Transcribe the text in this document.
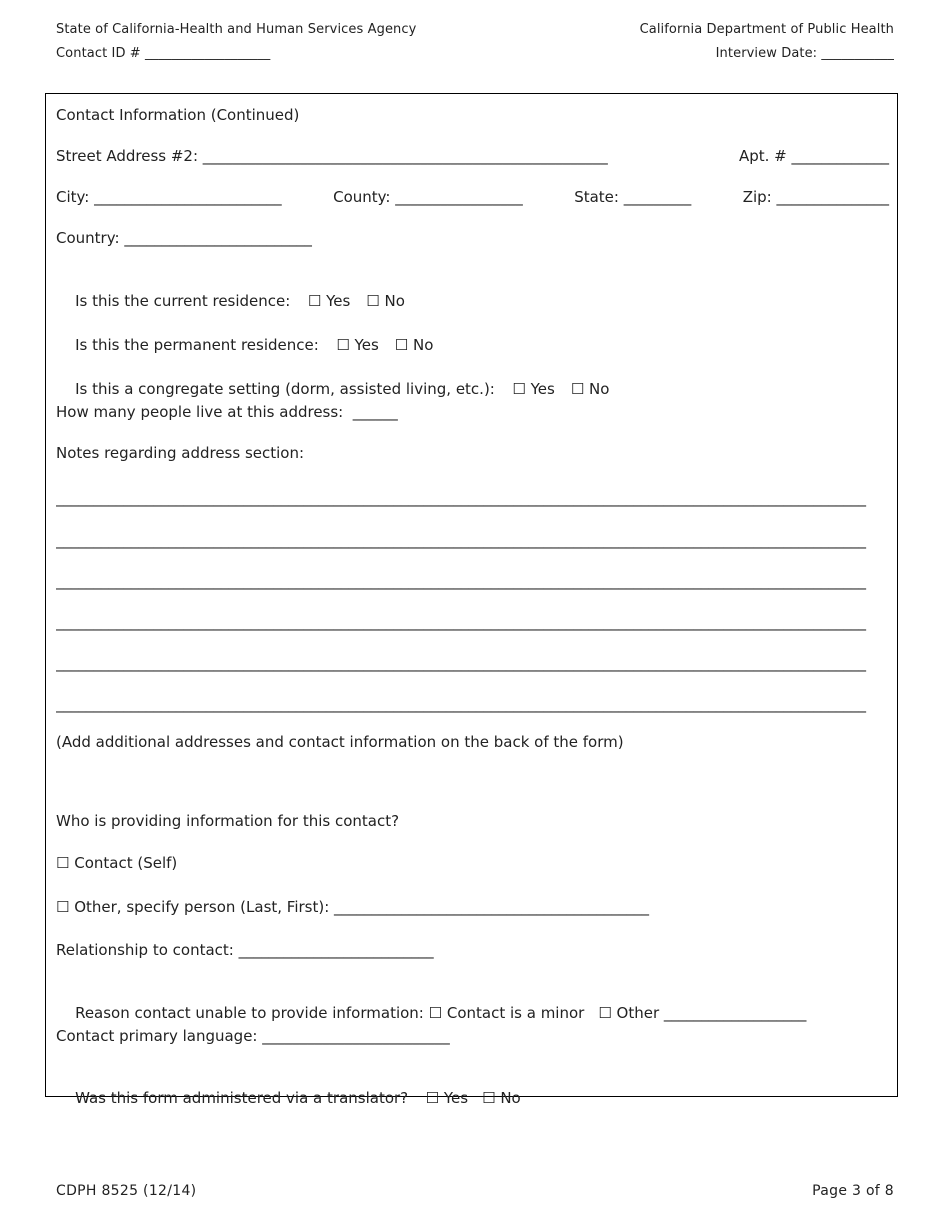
State of California-Health and Human Services Agency
Contact ID # ___________________
California Department of Public Health
Interview Date: ___________
Contact Information (Continued)
Street Address #2: ______________________________________________________	Apt. # _____________
City: _________________________	County: _________________	State: _________	Zip: _______________
Country: _________________________

Is this the current residence:  ☐ Yes ☐ No

Is this the permanent residence:  ☐ Yes ☐ No

Is this a congregate setting (dorm, assisted living, etc.):  ☐ Yes ☐ No

How many people live at this address:  ______
Notes regarding address section:
____________________________________________________________________________________________________________
____________________________________________________________________________________________________________
____________________________________________________________________________________________________________
____________________________________________________________________________________________________________
____________________________________________________________________________________________________________
____________________________________________________________________________________________________________
(Add additional addresses and contact information on the back of the form)
Who is providing information for this contact?
☐ Contact (Self)
☐ Other, specify person (Last, First): __________________________________________
Relationship to contact: __________________________

Reason contact unable to provide information: ☐ Contact is a minor ☐ Other ___________________

Contact primary language: _________________________

Was this form administered via a translator?  ☐ Yes ☐ No

CDPH 8525 (12/14)	Page 3 of 8
